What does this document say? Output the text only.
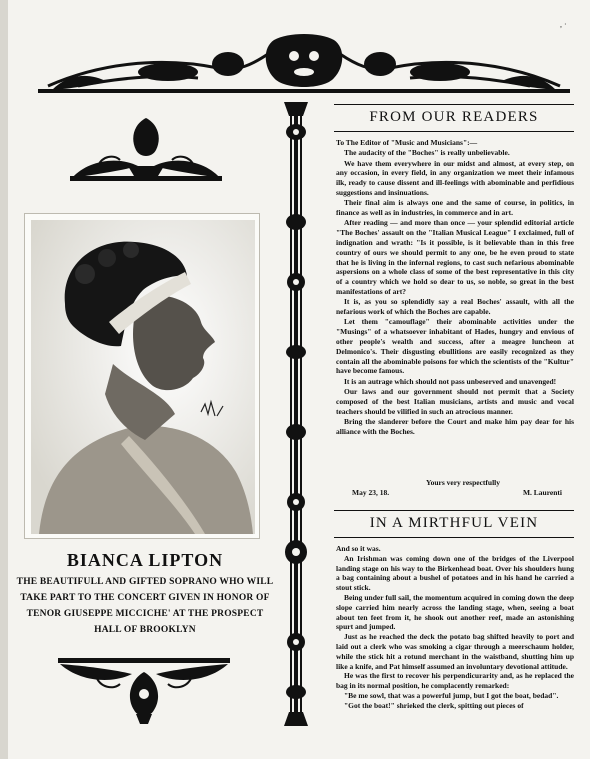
, ·
BIANCA LIPTON
THE BEAUTIFULL AND GIFTED SOPRANO WHO WILL TAKE PART TO THE CONCERT GIVEN IN HONOR OF TENOR GIUSEPPE MICCICHE' AT THE PROSPECT HALL OF BROOKLYN
FROM OUR READERS

To The Editor of "Music and Musicians":—

The audacity of the "Boches" is really unbelievable.

We have them everywhere in our midst and almost, at every step, on any occasion, in every field, in any organization we meet their infamous ilk, ready to cause dissent and ill-feelings with abominable and perfidious suggestions and insinuations.

Their final aim is always one and the same of course, in politics, in finance as well as in industries, in commerce and in art.

After reading — and more than once — your splendid editorial article "The Boches' assault on the "Italian Musical League" I exclaimed, full of indignation and wrath: "Is it possible, is it believable than in this free country of ours we should permit to any one, be he even proud to state that he is living in the infernal regions, to cast such nefarious abominable aspersions on a whole class of some of the best representative in this city of a country which we hold so dear to us, so noble, so great in the best manifestations of art?

It is, as you so splendidly say a real Boches' assault, with all the nefarious work of which the Boches are capable.

Let them "camouflage" their abominable activities under the "Musings" of a whatsoever inhabitant of Hades, hungry and envious of other people's wealth and success, after a meagre luncheon at Delmonico's. Their disgusting ebullitions are easily recognized as they contain all the abominable poisons for which the scientists of the "Kultur" have become famous.

It is an autrage which should not pass unbeserved and unavenged!

Our laws and our government should not permit that a Society composed of the best Italian musicians, artists and music and vocal teachers should be vilified in such an atrocious manner.

Bring the slanderer before the Court and make him pay dear for his alliance with the Boches.

Yours very respectfully
May 23, 18.	M. Laurenti
IN A MIRTHFUL VEIN

And so it was.

An Irishman was coming down one of the bridges of the Liverpool landing stage on his way to the Birkenhead boat. Over his shoulders hung a bag containing about a bushel of potatoes and in his hand he carried a stout stick.

Being under full sail, the momentum acquired in coming down the deep slope carried him nearly across the landing stage, when, seeing a boat about ten feet from it, he shook out another reef, made an astonishing spurt and jumped.

Just as he reached the deck the potato bag shifted heavily to port and laid out a clerk who was smoking a cigar through a meerschaum holder, while the stick hit a rotund merchant in the waistband, shutting him up like a knife, and Pat himself assumed an involuntary devotional attitude.

He was the first to recover his perpendicurarity and, as he replaced the bag in its normal position, he complacently remarked:

"Be me sowl, that was a powerful jump, but I got the boat, bedad".

"Got the boat!" shrieked the clerk, spitting out pieces of
